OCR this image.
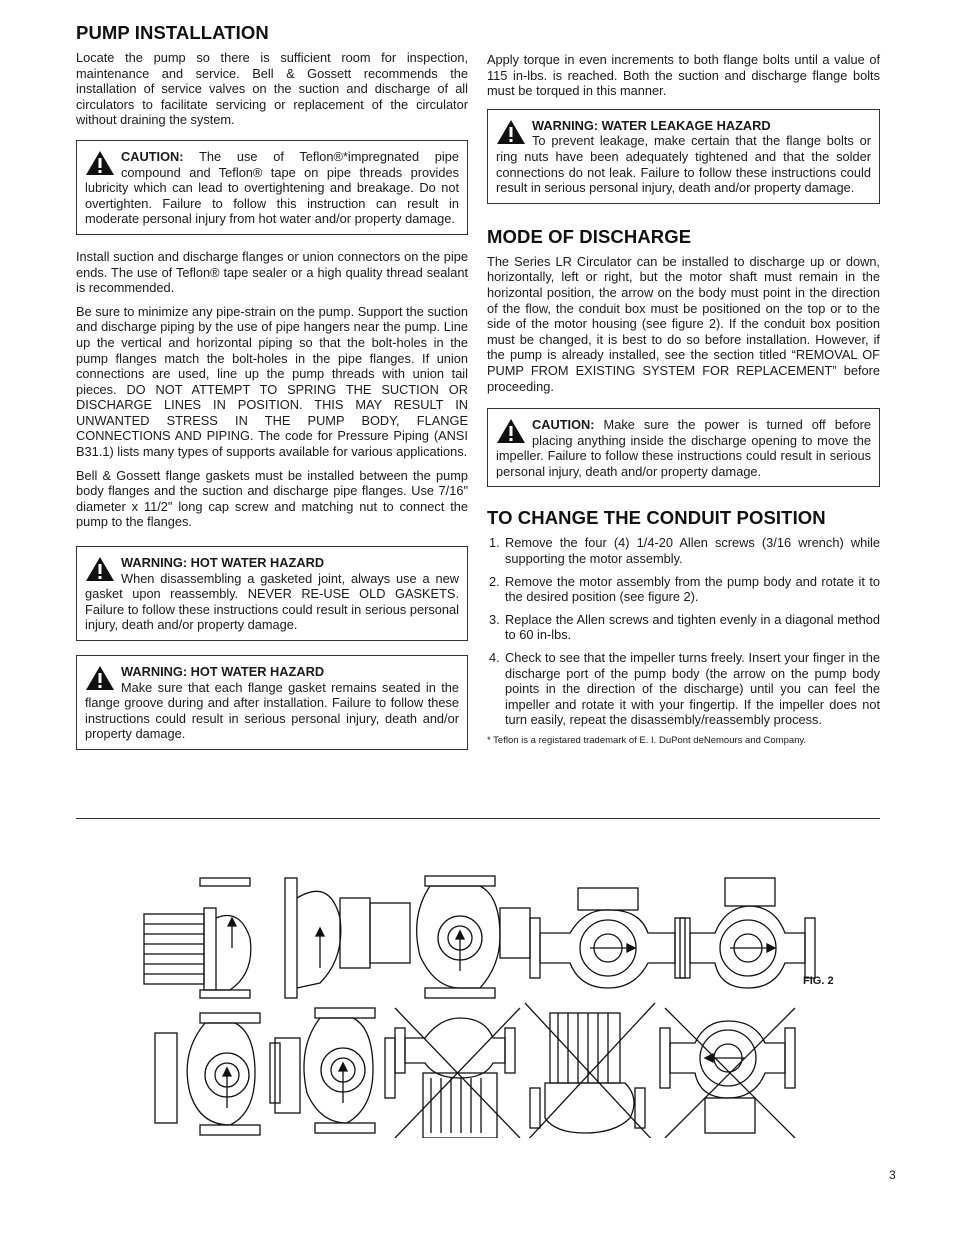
PUMP INSTALLATION

Locate the pump so there is sufficient room for inspection, maintenance and service. Bell & Gossett recommends the installation of service valves on the suction and discharge of all circulators to facilitate servicing or replacement of the circulator without draining the system.

CAUTION: The use of Teflon®*impregnated pipe compound and Teflon® tape on pipe threads provides lubricity which can lead to overtightening and breakage. Do not overtighten. Failure to follow this instruction can result in moderate personal injury from hot water and/or property damage.

Install suction and discharge flanges or union connectors on the pipe ends. The use of Teflon® tape sealer or a high quality thread sealant is recommended.

Be sure to minimize any pipe-strain on the pump. Support the suction and discharge piping by the use of pipe hangers near the pump. Line up the vertical and horizontal piping so that the bolt-holes in the pump flanges match the bolt-holes in the pipe flanges. If union connections are used, line up the pump threads with union tail pieces. DO NOT ATTEMPT TO SPRING THE SUCTION OR DISCHARGE LINES IN POSITION. THIS MAY RESULT IN UNWANTED STRESS IN THE PUMP BODY, FLANGE CONNECTIONS AND PIPING. The code for Pressure Piping (ANSI B31.1) lists many types of supports available for various applications.

Bell & Gossett flange gaskets must be installed between the pump body flanges and the suction and discharge pipe flanges. Use 7/16" diameter x 11/2" long cap screw and matching nut to connect the pump to the flanges.

WARNING: HOT WATER HAZARD
When disassembling a gasketed joint, always use a new gasket upon reassembly. NEVER RE-USE OLD GASKETS. Failure to follow these instructions could result in serious personal injury, death and/or property damage.
WARNING: HOT WATER HAZARD
Make sure that each flange gasket remains seated in the flange groove during and after installation. Failure to follow these instructions could result in serious personal injury, death and/or property damage.

Apply torque in even increments to both flange bolts until a value of 115 in-lbs. is reached. Both the suction and discharge flange bolts must be torqued in this manner.

WARNING: WATER LEAKAGE HAZARD
To prevent leakage, make certain that the flange bolts or ring nuts have been adequately tightened and that the solder connections do not leak. Failure to follow these instructions could result in serious personal injury, death and/or property damage.
MODE OF DISCHARGE

The Series LR Circulator can be installed to discharge up or down, horizontally, left or right, but the motor shaft must remain in the horizontal position, the arrow on the body must point in the direction of the flow, the conduit box must be positioned on the top or to the side of the motor housing (see figure 2). If the conduit box position must be changed, it is best to do so before installation. However, if the pump is already installed, see the section titled “REMOVAL OF PUMP FROM EXISTING SYSTEM FOR REPLACEMENT” before proceeding.

CAUTION: Make sure the power is turned off before placing anything inside the discharge opening to move the impeller. Failure to follow these instructions could result in serious personal injury, death and/or property damage.
TO CHANGE THE CONDUIT POSITION
1. Remove the four (4) 1/4-20 Allen screws (3/16 wrench) while supporting the motor assembly.
2. Remove the motor assembly from the pump body and rotate it to the desired position (see figure 2).
3. Replace the Allen screws and tighten evenly in a diagonal method to 60 in-lbs.
4. Check to see that the impeller turns freely. Insert your finger in the discharge port of the pump body (the arrow on the pump body points in the direction of the discharge) until you can feel the impeller and rotate it with your fingertip. If the impeller does not turn easily, repeat the disassembly/reassembly process.
* Teflon is a registared trademark of E. I. DuPont deNemours and Company.
FIG. 2
3
